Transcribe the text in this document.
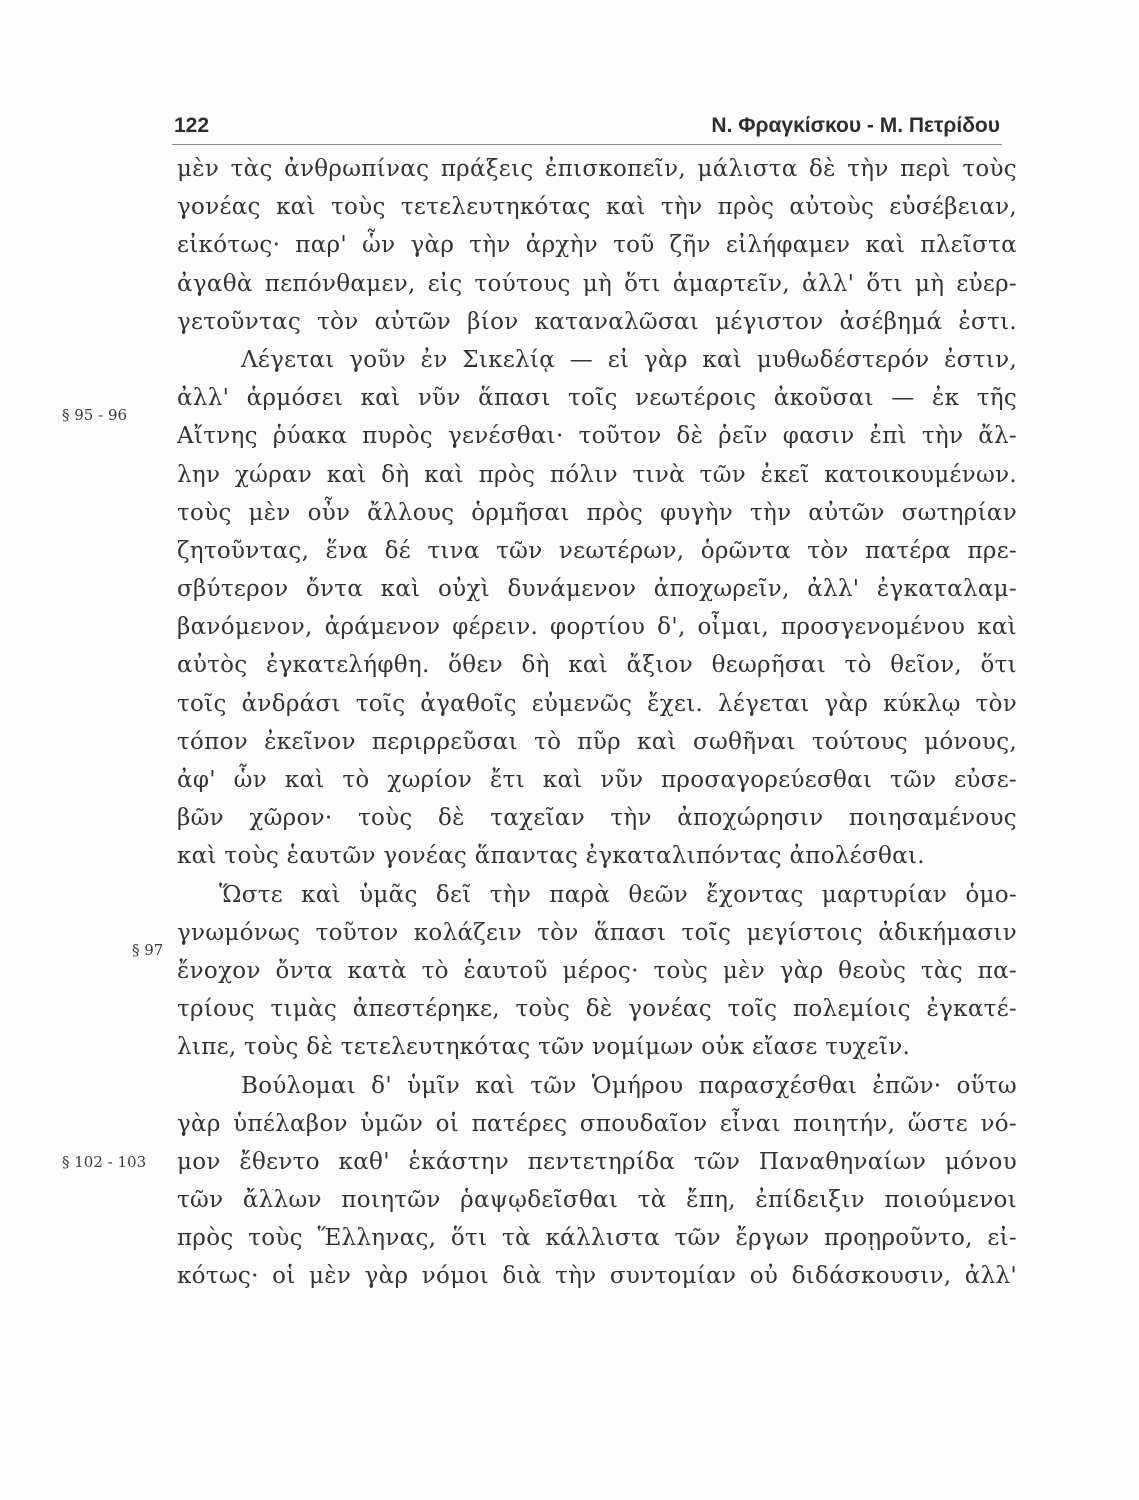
122	Ν. Φραγκίσκου - Μ. Πετρίδου
§ 95 - 96
§ 97
§ 102 - 103
μὲν τὰς ἀνθρωπίνας πράξεις ἐπισκοπεῖν, μάλιστα δὲ τὴν περὶ τοὺς
γονέας καὶ τοὺς τετελευτηκότας καὶ τὴν πρὸς αὐτοὺς εὐσέβειαν,
εἰκότως· παρ' ὧν γὰρ τὴν ἀρχὴν τοῦ ζῆν εἰλήφαμεν καὶ πλεῖστα
ἀγαθὰ πεπόνθαμεν, εἰς τούτους μὴ ὅτι ἁμαρτεῖν, ἀλλ' ὅτι μὴ εὐερ-
γετοῦντας τὸν αὐτῶν βίον καταναλῶσαι μέγιστον ἀσέβημά ἐστι.
Λέγεται γοῦν ἐν Σικελίᾳ — εἰ γὰρ καὶ μυθωδέστερόν ἐστιν,
ἀλλ' ἁρμόσει καὶ νῦν ἅπασι τοῖς νεωτέροις ἀκοῦσαι — ἐκ τῆς
Αἴτνης ῥύακα πυρὸς γενέσθαι· τοῦτον δὲ ῥεῖν φασιν ἐπὶ τὴν ἄλ-
λην χώραν καὶ δὴ καὶ πρὸς πόλιν τινὰ τῶν ἐκεῖ κατοικουμένων.
τοὺς μὲν οὖν ἄλλους ὁρμῆσαι πρὸς φυγὴν τὴν αὐτῶν σωτηρίαν
ζητοῦντας, ἕνα δέ τινα τῶν νεωτέρων, ὁρῶντα τὸν πατέρα πρε-
σβύτερον ὄντα καὶ οὐχὶ δυνάμενον ἀποχωρεῖν, ἀλλ' ἐγκαταλαμ-
βανόμενον, ἀράμενον φέρειν. φορτίου δ', οἶμαι, προσγενομένου καὶ
αὐτὸς ἐγκατελήφθη. ὅθεν δὴ καὶ ἄξιον θεωρῆσαι τὸ θεῖον, ὅτι
τοῖς ἀνδράσι τοῖς ἀγαθοῖς εὐμενῶς ἔχει. λέγεται γὰρ κύκλῳ τὸν
τόπον ἐκεῖνον περιρρεῦσαι τὸ πῦρ καὶ σωθῆναι τούτους μόνους,
ἀφ' ὧν καὶ τὸ χωρίον ἔτι καὶ νῦν προσαγορεύεσθαι τῶν εὐσε-
βῶν χῶρον· τοὺς δὲ ταχεῖαν τὴν ἀποχώρησιν ποιησαμένους
καὶ τοὺς ἑαυτῶν γονέας ἅπαντας ἐγκαταλιπόντας ἀπολέσθαι.
Ὥστε καὶ ὑμᾶς δεῖ τὴν παρὰ θεῶν ἔχοντας μαρτυρίαν ὁμο-
γνωμόνως τοῦτον κολάζειν τὸν ἅπασι τοῖς μεγίστοις ἀδικήμασιν
ἔνοχον ὄντα κατὰ τὸ ἑαυτοῦ μέρος· τοὺς μὲν γὰρ θεοὺς τὰς πα-
τρίους τιμὰς ἀπεστέρηκε, τοὺς δὲ γονέας τοῖς πολεμίοις ἐγκατέ-
λιπε, τοὺς δὲ τετελευτηκότας τῶν νομίμων οὐκ εἴασε τυχεῖν.
Βούλομαι δ' ὑμῖν καὶ τῶν Ὁμήρου παρασχέσθαι ἐπῶν· οὕτω
γὰρ ὑπέλαβον ὑμῶν οἱ πατέρες σπουδαῖον εἶναι ποιητήν, ὥστε νό-
μον ἔθεντο καθ' ἑκάστην πεντετηρίδα τῶν Παναθηναίων μόνου
τῶν ἄλλων ποιητῶν ῥαψῳδεῖσθαι τὰ ἔπη, ἐπίδειξιν ποιούμενοι
πρὸς τοὺς Ἕλληνας, ὅτι τὰ κάλλιστα τῶν ἔργων προῃροῦντο, εἰ-
κότως· οἱ μὲν γὰρ νόμοι διὰ τὴν συντομίαν οὐ διδάσκουσιν, ἀλλ'
